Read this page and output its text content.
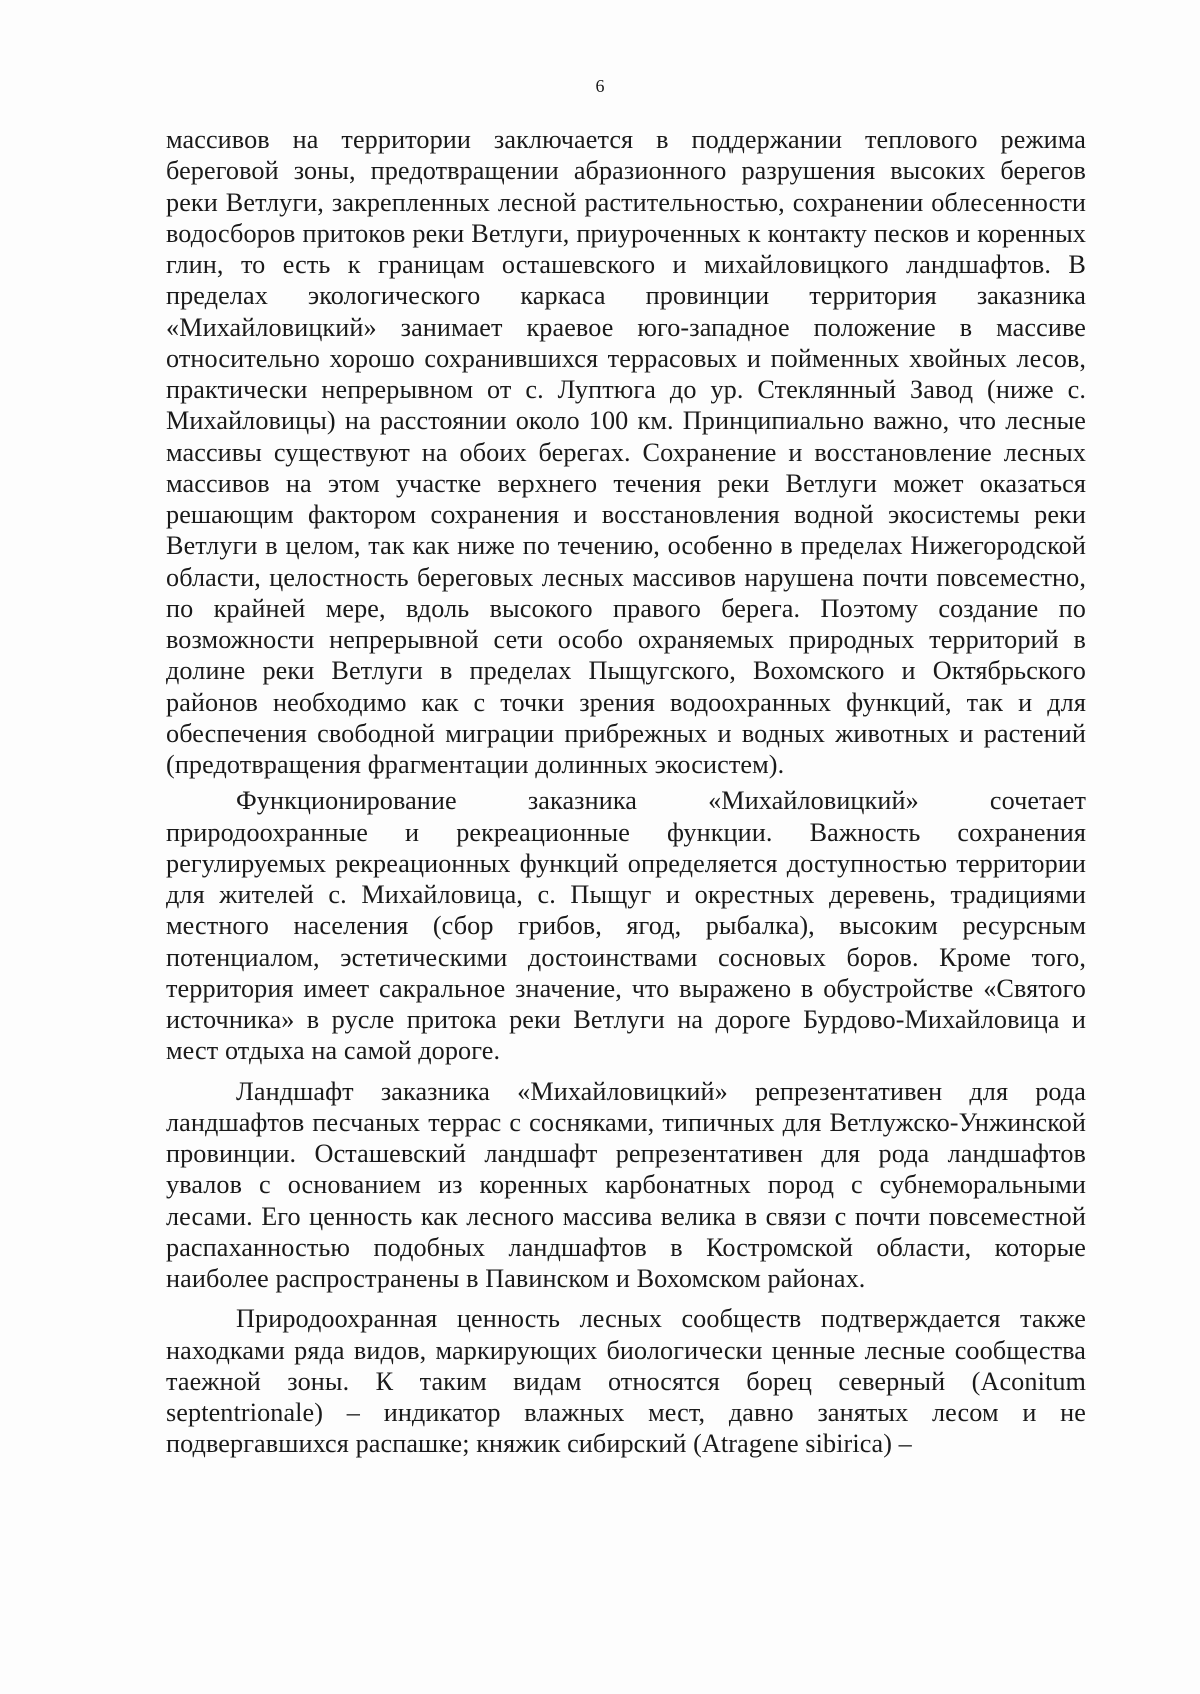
6

массивов на территории заключается в поддержании теплового режима береговой зоны, предотвращении абразионного разрушения высоких берегов реки Ветлуги, закрепленных лесной растительностью, сохранении облесенности водосборов притоков реки Ветлуги, приуроченных к контакту песков и коренных глин, то есть к границам осташевского и михайловицкого ландшафтов. В пределах экологического каркаса провинции территория заказника «Михайловицкий» занимает краевое юго-западное положение в массиве относительно хорошо сохранившихся террасовых и пойменных хвойных лесов, практически непрерывном от с. Луптюга до ур. Стеклянный Завод (ниже с. Михайловицы) на расстоянии около 100 км. Принципиально важно, что лесные массивы существуют на обоих берегах. Сохранение и восстановление лесных массивов на этом участке верхнего течения реки Ветлуги может оказаться решающим фактором сохранения и восстановления водной экосистемы реки Ветлуги в целом, так как ниже по течению, особенно в пределах Нижегородской области, целостность береговых лесных массивов нарушена почти повсеместно, по крайней мере, вдоль высокого правого берега. Поэтому создание по возможности непрерывной сети особо охраняемых природных территорий в долине реки Ветлуги в пределах Пыщугского, Вохомского и Октябрьского районов необходимо как с точки зрения водоохранных функций, так и для обеспечения свободной миграции прибрежных и водных животных и растений (предотвращения фрагментации долинных экосистем).

Функционирование заказника «Михайловицкий» сочетает природоохранные и рекреационные функции. Важность сохранения регулируемых рекреационных функций определяется доступностью территории для жителей с. Михайловица, с. Пыщуг и окрестных деревень, традициями местного населения (сбор грибов, ягод, рыбалка), высоким ресурсным потенциалом, эстетическими достоинствами сосновых боров. Кроме того, территория имеет сакральное значение, что выражено в обустройстве «Святого источника» в русле притока реки Ветлуги на дороге Бурдово-Михайловица и мест отдыха на самой дороге.

Ландшафт заказника «Михайловицкий» репрезентативен для рода ландшафтов песчаных террас с сосняками, типичных для Ветлужско-Унжинской провинции. Осташевский ландшафт репрезентативен для рода ландшафтов увалов с основанием из коренных карбонатных пород с субнеморальными лесами. Его ценность как лесного массива велика в связи с почти повсеместной распаханностью подобных ландшафтов в Костромской области, которые наиболее распространены в Павинском и Вохомском районах.

Природоохранная ценность лесных сообществ подтверждается также находками ряда видов, маркирующих биологически ценные лесные сообщества таежной зоны. К таким видам относятся борец северный (Aconitum septentrionale) – индикатор влажных мест, давно занятых лесом и не подвергавшихся распашке; княжик сибирский (Atragene sibirica) –
